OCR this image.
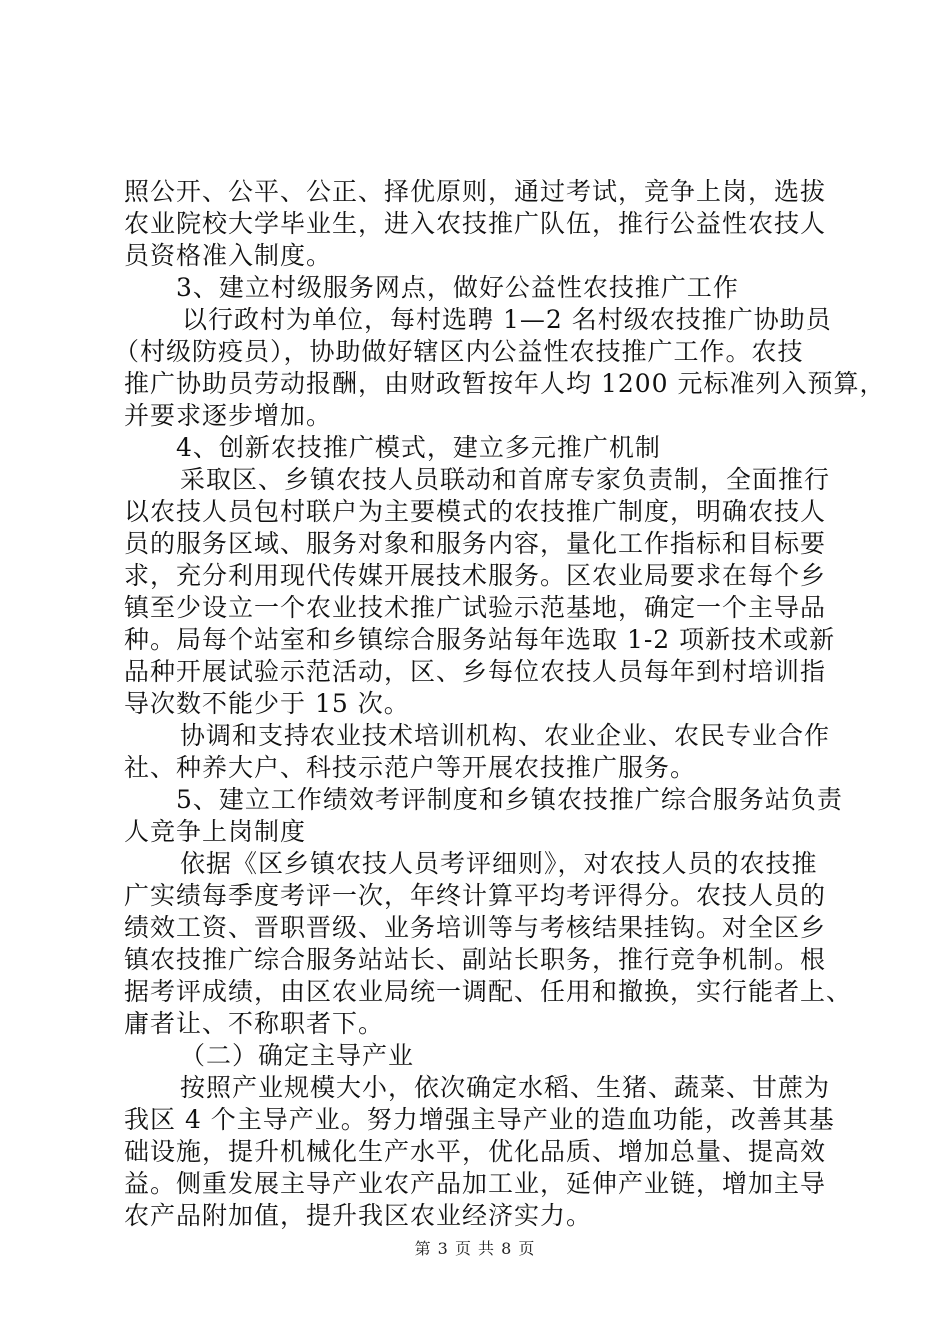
照公开、公平、公正、择优原则，通过考试，竞争上岗，选拔
农业院校大学毕业生，进入农技推广队伍，推行公益性农技人
员资格准入制度。
3、建立村级服务网点，做好公益性农技推广工作
以行政村为单位，每村选聘 1—2 名村级农技推广协助员
（村级防疫员），协助做好辖区内公益性农技推广工作。农技
推广协助员劳动报酬，由财政暂按年人均 1200 元标准列入预算，
并要求逐步增加。
4、创新农技推广模式，建立多元推广机制
采取区、乡镇农技人员联动和首席专家负责制，全面推行
以农技人员包村联户为主要模式的农技推广制度，明确农技人
员的服务区域、服务对象和服务内容，量化工作指标和目标要
求，充分利用现代传媒开展技术服务。区农业局要求在每个乡
镇至少设立一个农业技术推广试验示范基地，确定一个主导品
种。局每个站室和乡镇综合服务站每年选取 1-2 项新技术或新
品种开展试验示范活动，区、乡每位农技人员每年到村培训指
导次数不能少于 15 次。
协调和支持农业技术培训机构、农业企业、农民专业合作
社、种养大户、科技示范户等开展农技推广服务。
5、建立工作绩效考评制度和乡镇农技推广综合服务站负责
人竞争上岗制度
依据《区乡镇农技人员考评细则》，对农技人员的农技推
广实绩每季度考评一次，年终计算平均考评得分。农技人员的
绩效工资、晋职晋级、业务培训等与考核结果挂钩。对全区乡
镇农技推广综合服务站站长、副站长职务，推行竞争机制。根
据考评成绩，由区农业局统一调配、任用和撤换，实行能者上、
庸者让、不称职者下。
（二）确定主导产业
按照产业规模大小，依次确定水稻、生猪、蔬菜、甘蔗为
我区 4 个主导产业。努力增强主导产业的造血功能，改善其基
础设施，提升机械化生产水平，优化品质、增加总量、提高效
益。侧重发展主导产业农产品加工业，延伸产业链，增加主导
农产品附加值，提升我区农业经济实力。
第 3 页 共 8 页
